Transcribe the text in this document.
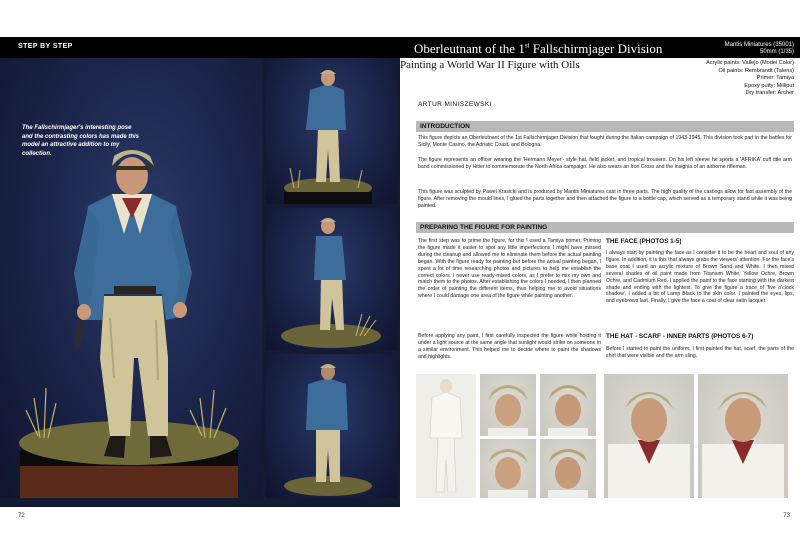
STEP BY STEP
The Fallschirmjager's interesting pose and the contrasting colors has made this model an attractive addition to my collection.
72
Oberleutnant of the 1st Fallschirmjager Division	Mantis Miniatures (35001)
50mm (1/35)
Painting a World War II Figure with Oils	Acrylic paints: Vallejo (Model Color)
Oil paints: Rembrandt (Talens)
Primer: Tamiya
Epoxy putty: Milliput
Dry transfer: Archer
ARTUR MINISZEWSKI
INTRODUCTION
This figure depicts an Oberleutnant of the 1st Fallschirmjager Division that fought during the Italian campaign of 1943-1945. This division took part in the battles for Sicily, Monte Casino, the Adriatic Coast, and Bologna.
The figure represents an officer wearing the 'Hermann Meyer'- style hat, field jacket, and tropical trousers. On his left sleeve he sports a 'AFRIKA' cuff title arm band commissioned by Hitler to commemorate the North Africa campaign. He also wears an Iron Cross and the insignia of an airborne rifleman.
This figure was sculpted by Pawel Krasicki and is produced by Mantis Miniatures cast in three parts. The high quality of the castings allow for fast assembly of the figure. After removing the mould lines, I glued the parts together and then attached the figure to a bottle cap, which served as a temporary stand while it was being painted.
PREPARING THE FIGURE FOR PAINTING
The first step was to prime the figure, for this I used a Tamiya primer. Priming the figure made it easier to spot any little imperfections I might have missed during the cleanup and allowed me to eliminate them before the actual painting began. With the figure ready for painting but before the actual painting began, I spent a lot of time researching photos and pictures to help me establish the correct colors. I never use ready-mixed colors, as I prefer to mix my own and match them to the photos. After establishing the colors I needed, I then planned the order of painting the different items, thus helping me to avoid situations where I could damage one area of the figure while painting another.
Before applying any paint, I first carefully inspected the figure while holding it under a light source at the same angle that sunlight would strike on someone in a similar environment. This helped me to decide where to paint the shadows and highlights.
THE FACE (PHOTOS 1-5)
I always start by painting the face as I consider it to be the heart and soul of any figure. In addition, it is this that always grabs the viewers' attention. For the face's base coat I used an acrylic mixture of Brown Sand and White. I then mixed several shades of oil paint made from Titanium White, Yellow Ochre, Brown Ochre, and Cadmium Red. I applied the paint to the face starting with the darkest shade and ending with the lightest. To give the figure a trace of 'five o'clock shadow', I added a bit of Lamp Black to the skin color. I painted the eyes, lips, and eyebrows last. Finally, I give the face a coat of clear satin lacquer.
THE HAT - SCARF - INNER PARTS (PHOTOS 6-7)
Before I started to paint the uniform, I first painted the hat, scarf, the parts of the shirt that were visible and the arm sling.
73
